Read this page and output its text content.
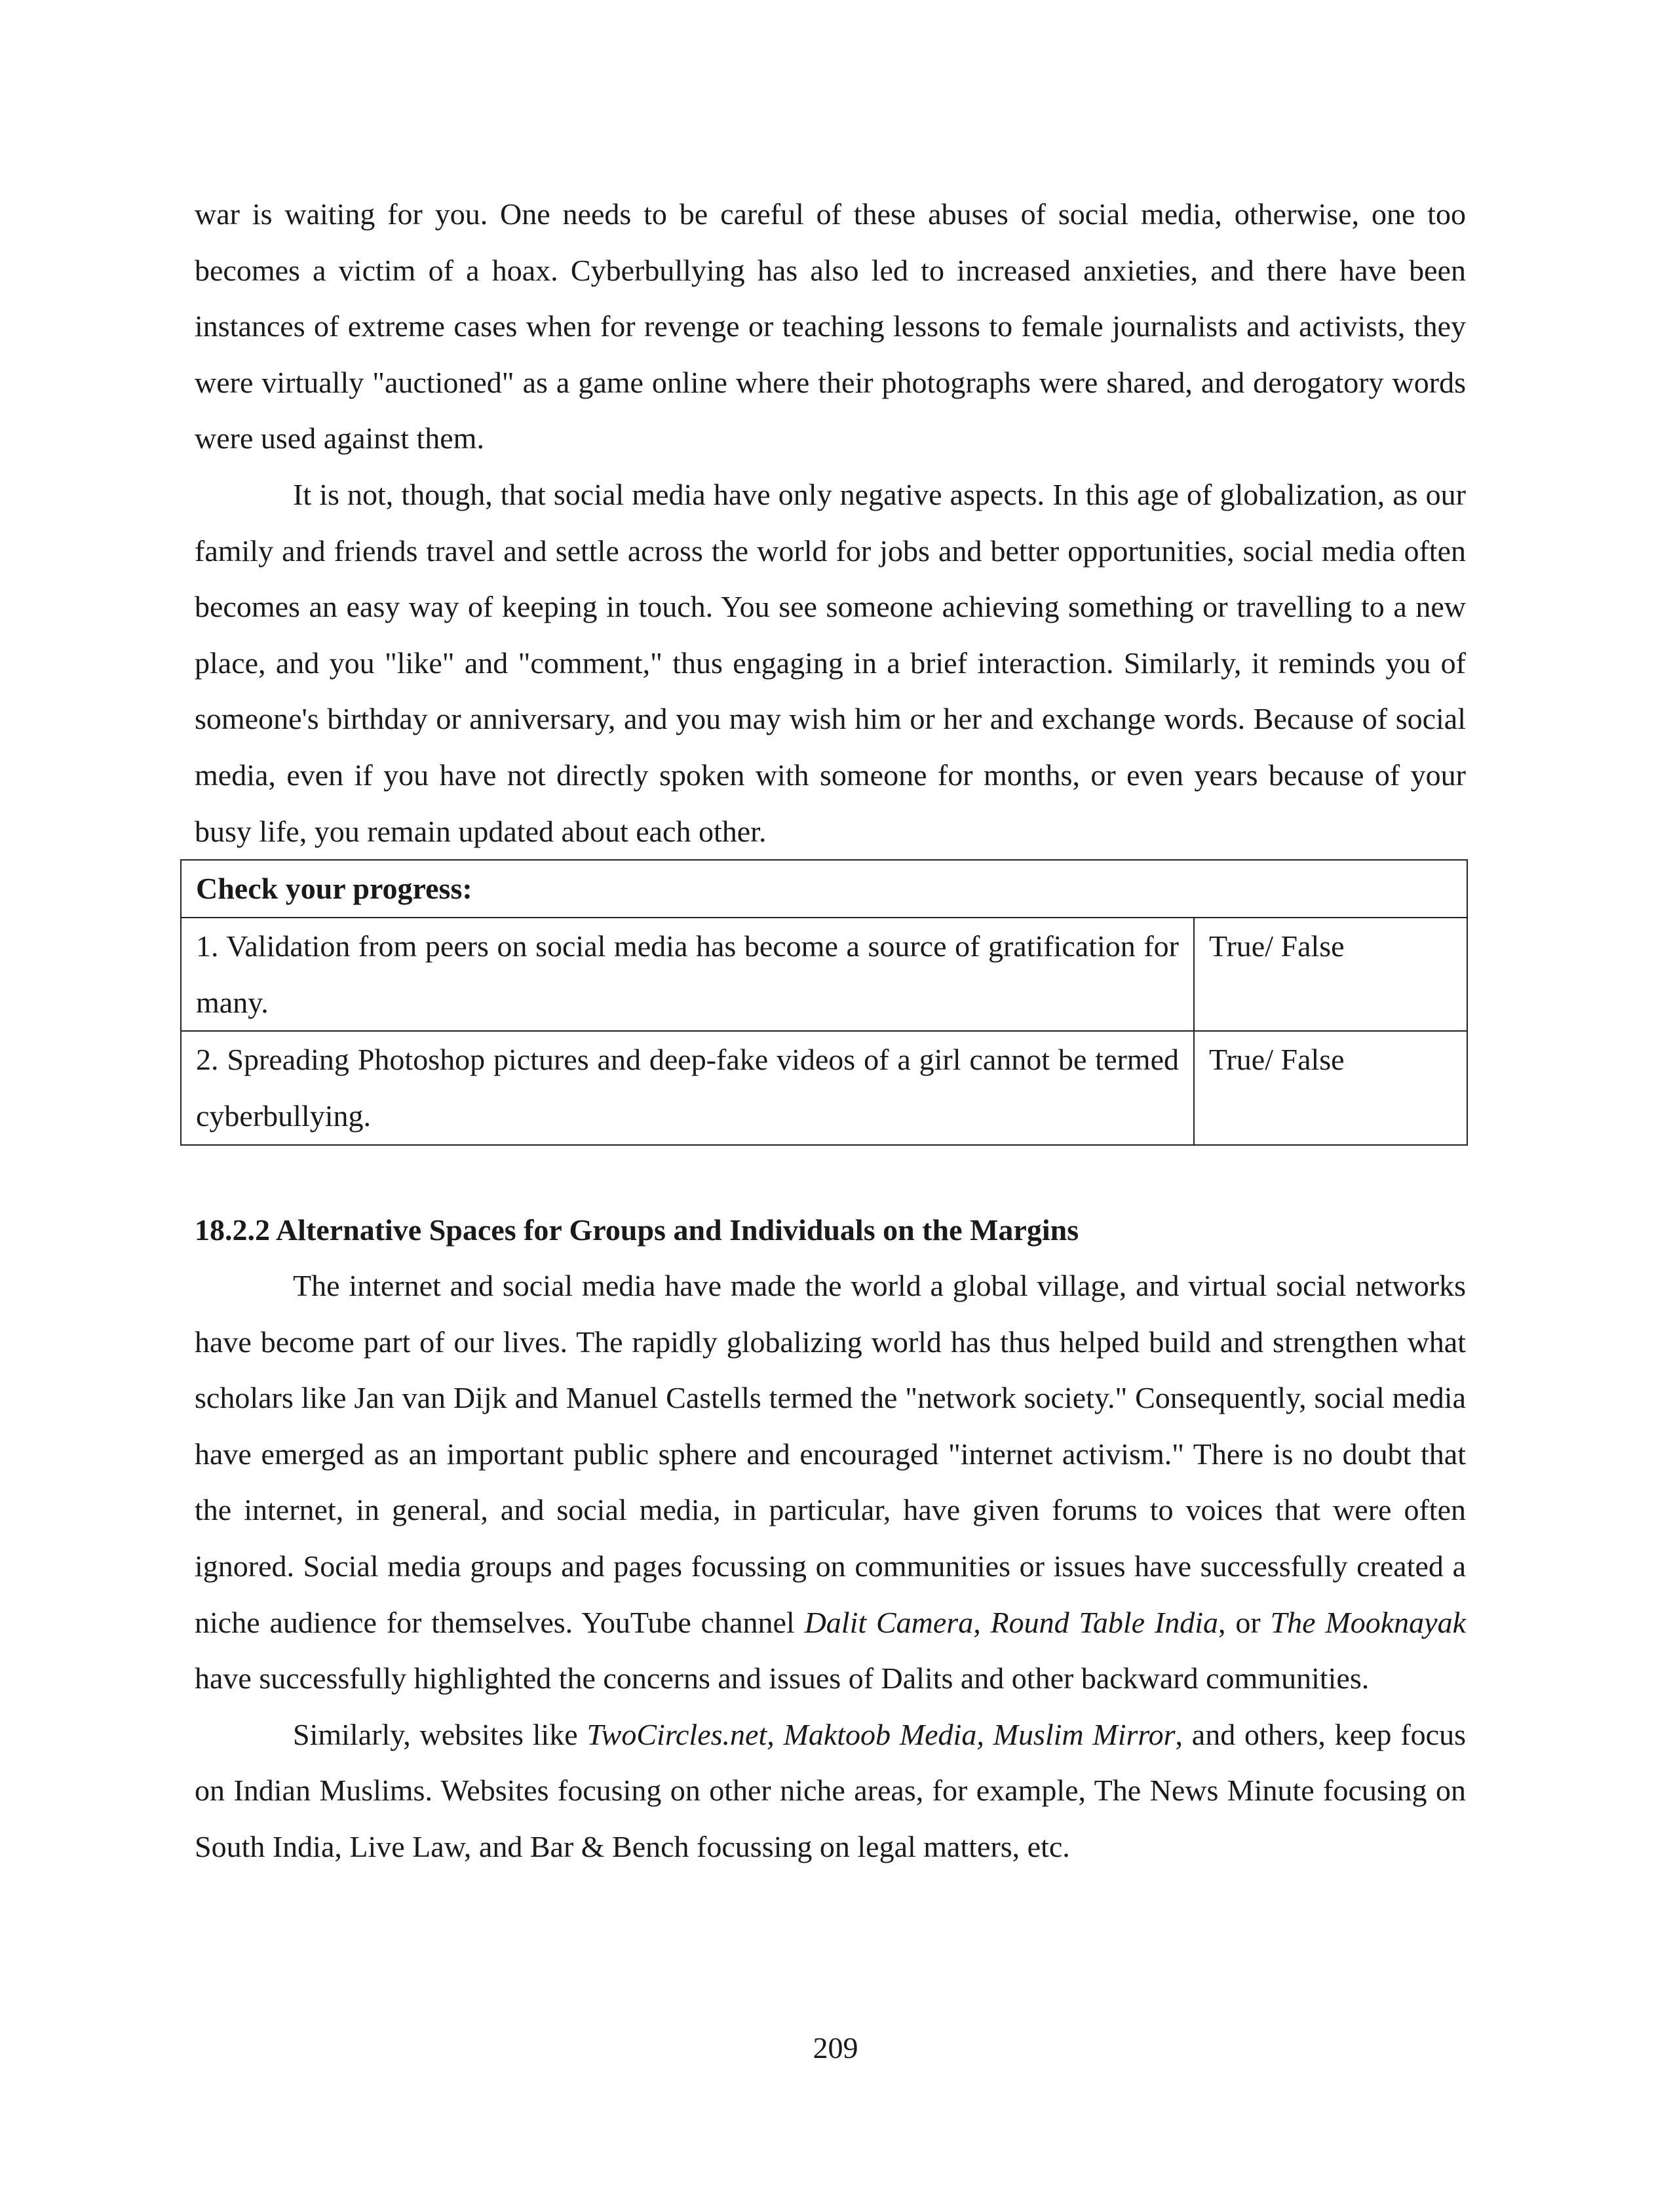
war is waiting for you. One needs to be careful of these abuses of social media, otherwise, one too becomes a victim of a hoax. Cyberbullying has also led to increased anxieties, and there have been instances of extreme cases when for revenge or teaching lessons to female journalists and activists, they were virtually "auctioned" as a game online where their photographs were shared, and derogatory words were used against them.

It is not, though, that social media have only negative aspects. In this age of globalization, as our family and friends travel and settle across the world for jobs and better opportunities, social media often becomes an easy way of keeping in touch. You see someone achieving something or travelling to a new place, and you "like" and "comment," thus engaging in a brief interaction. Similarly, it reminds you of someone's birthday or anniversary, and you may wish him or her and exchange words. Because of social media, even if you have not directly spoken with someone for months, or even years because of your busy life, you remain updated about each other.

Check your progress:	
1. Validation from peers on social media has become a source of gratification for many.	True/ False
2. Spreading Photoshop pictures and deep-fake videos of a girl cannot be termed cyberbullying.	True/ False
18.2.2 Alternative Spaces for Groups and Individuals on the Margins

The internet and social media have made the world a global village, and virtual social networks have become part of our lives. The rapidly globalizing world has thus helped build and strengthen what scholars like Jan van Dijk and Manuel Castells termed the "network society." Consequently, social media have emerged as an important public sphere and encouraged "internet activism." There is no doubt that the internet, in general, and social media, in particular, have given forums to voices that were often ignored. Social media groups and pages focussing on communities or issues have successfully created a niche audience for themselves. YouTube channel Dalit Camera, Round Table India, or The Mooknayak have successfully highlighted the concerns and issues of Dalits and other backward communities.

Similarly, websites like TwoCircles.net, Maktoob Media, Muslim Mirror, and others, keep focus on Indian Muslims. Websites focusing on other niche areas, for example, The News Minute focusing on South India, Live Law, and Bar & Bench focussing on legal matters, etc.

209
